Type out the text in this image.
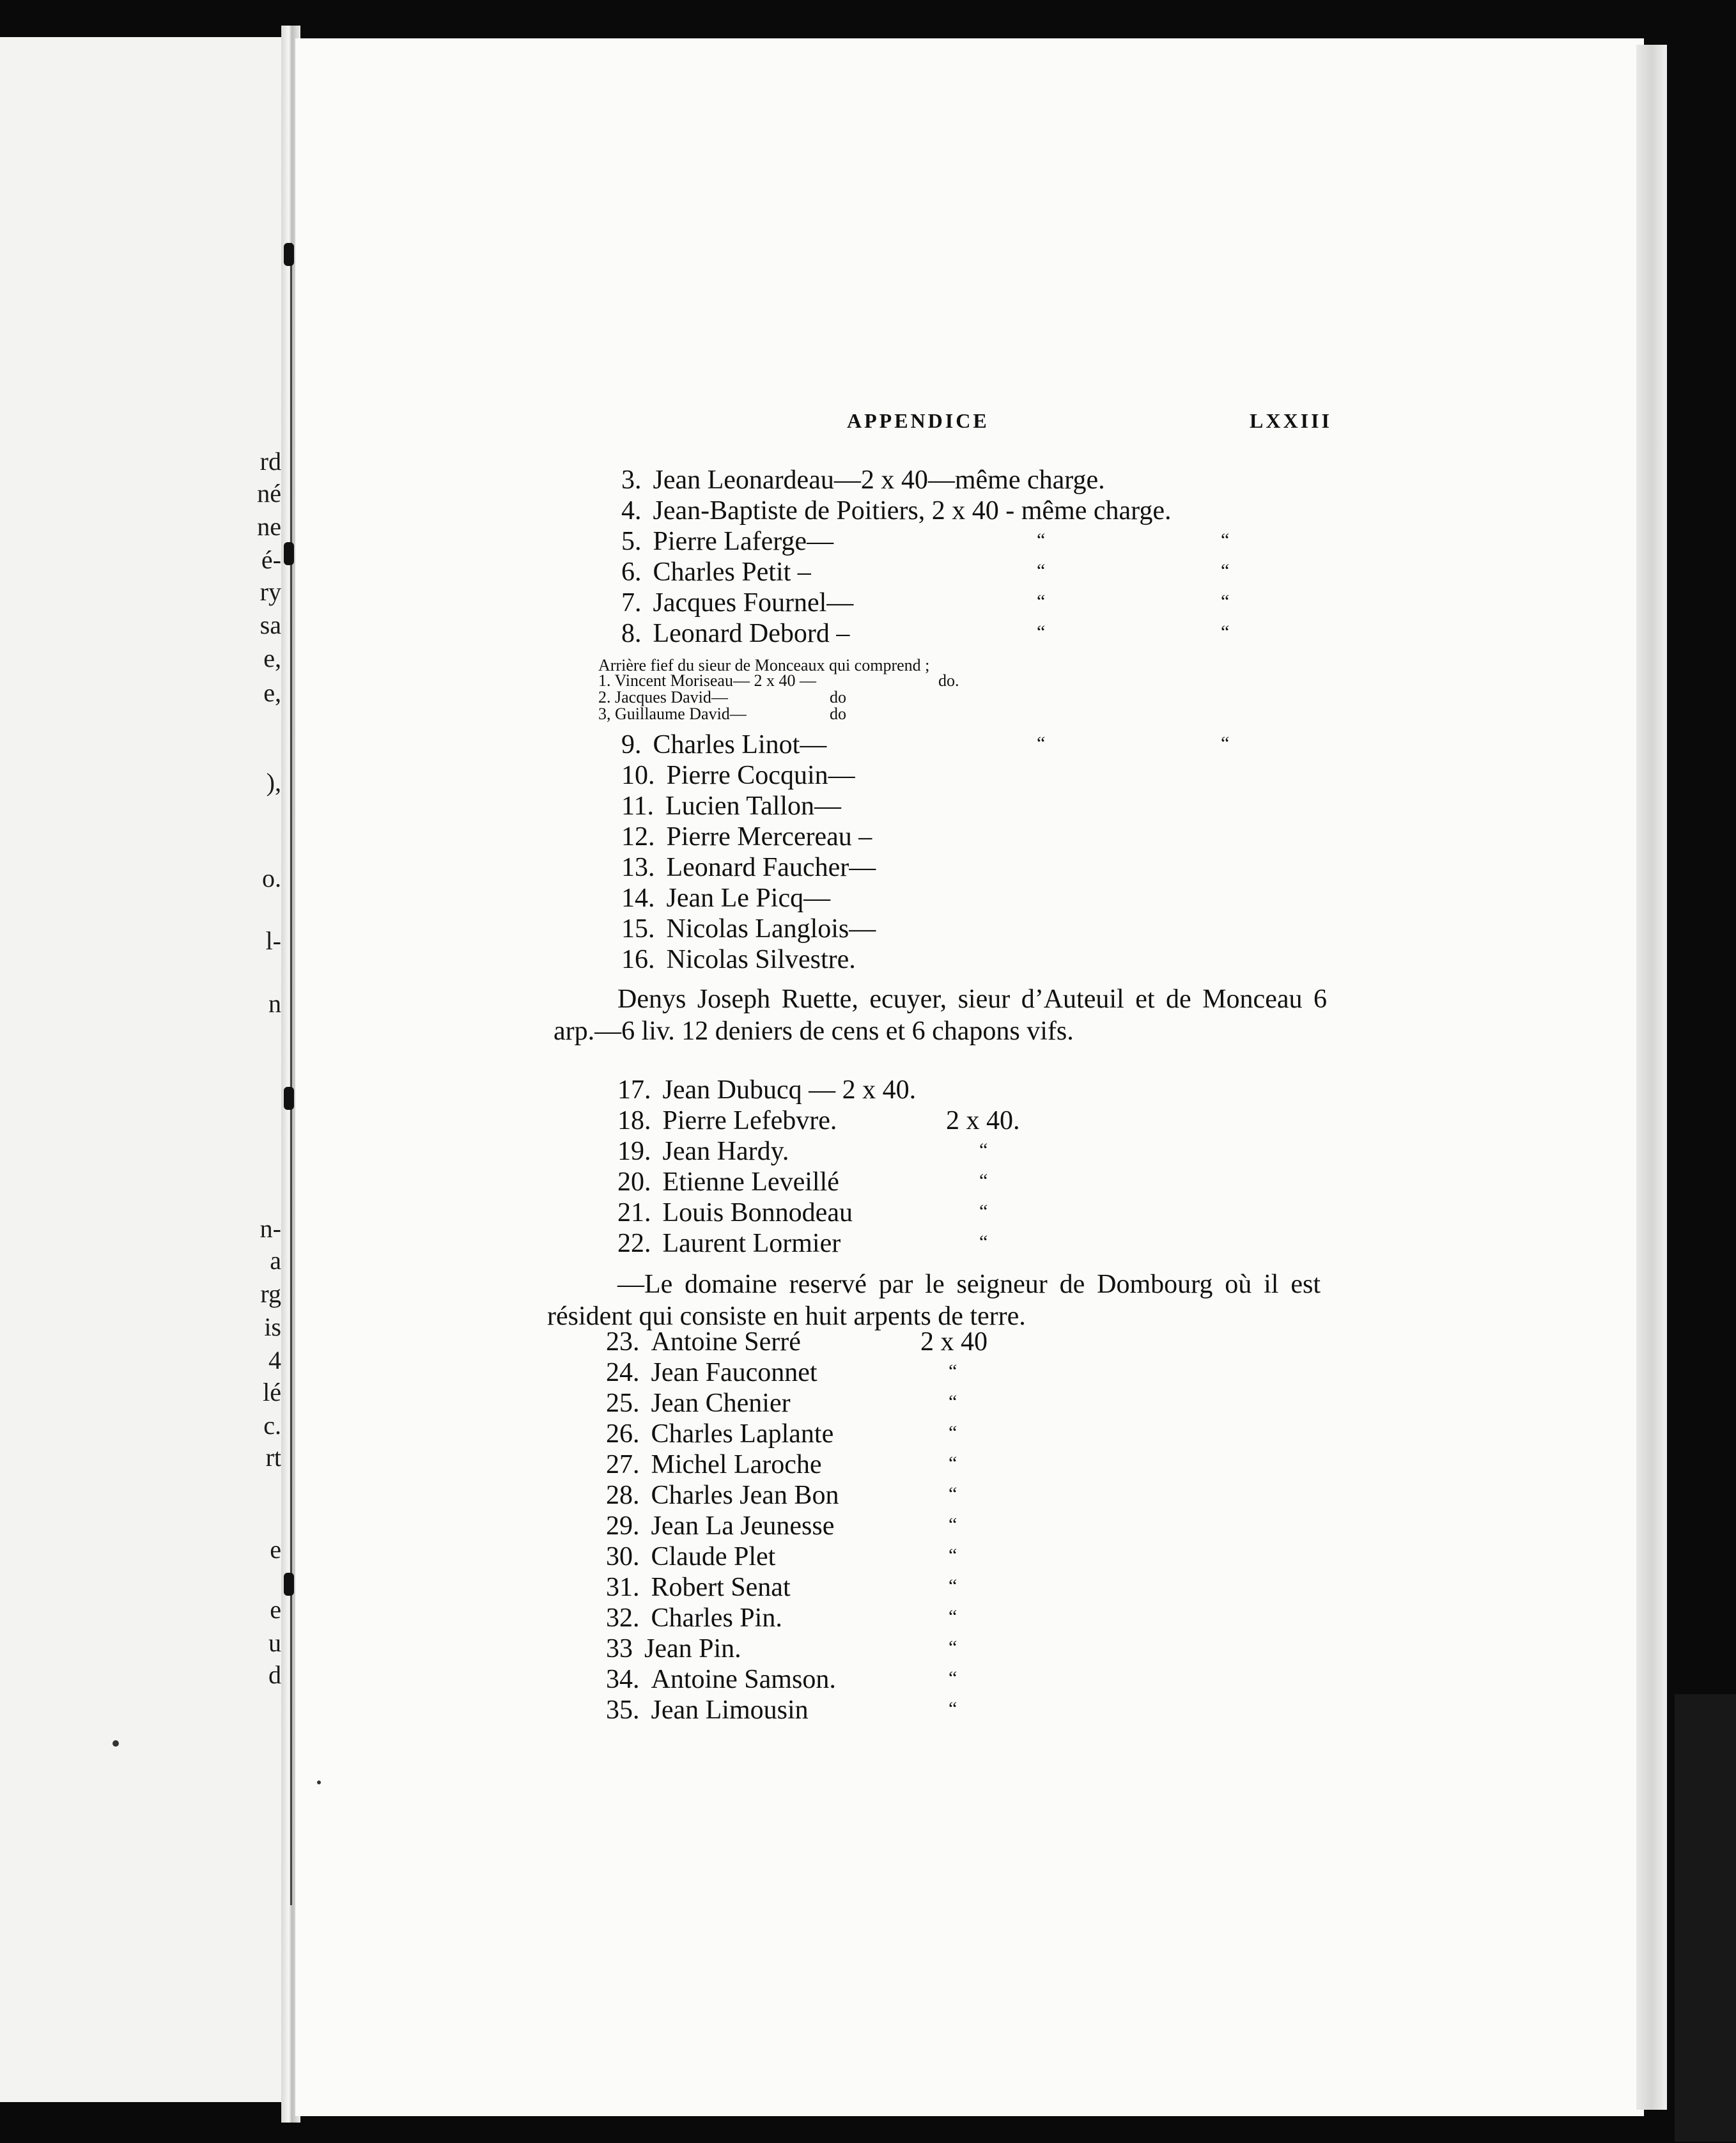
rd
né
ne
é-
ry
sa
e,
e,
),
o.
l-
n
n-
a
rg
is
4
lé
c.
rt
e
e
u
d
APPENDICE	LXXIII
3. Jean Leonardeau—2 x 40—même charge.
4. Jean-Baptiste de Poitiers, 2 x 40 - même charge.
5. Pierre Laferge—	“	“
6. Charles Petit –	“	“
7. Jacques Fournel—	“	“
8. Leonard Debord –	“	“
Arrière fief du sieur de Monceaux qui comprend ;
1. Vincent Moriseau— 2 x 40 —	do.
2. Jacques David—	do
3, Guillaume David—	do
9. Charles Linot—	“	“
10. Pierre Cocquin—
11. Lucien Tallon—
12. Pierre Mercereau –
13. Leonard Faucher—
14. Jean Le Picq—
15. Nicolas Langlois—
16. Nicolas Silvestre.
Denys Joseph Ruette, ecuyer, sieur d’Auteuil et de Monceau 6 arp.—6 liv. 12 deniers de cens et 6 chapons vifs.
17. Jean Dubucq — 2 x 40.
18. Pierre Lefebvre.	2 x 40.
19. Jean Hardy.	“
20. Etienne Leveillé	“
21. Louis Bonnodeau	“
22. Laurent Lormier	“
—Le domaine reservé par le seigneur de Dombourg où il est résident qui consiste en huit arpents de terre.
23. Antoine Serré	2 x 40
24. Jean Fauconnet	“
25. Jean Chenier	“
26. Charles Laplante	“
27. Michel Laroche	“
28. Charles Jean Bon	“
29. Jean La Jeunesse	“
30. Claude Plet	“
31. Robert Senat	“
32. Charles Pin.	“
33 Jean Pin.	“
34. Antoine Samson.	“
35. Jean Limousin	“
